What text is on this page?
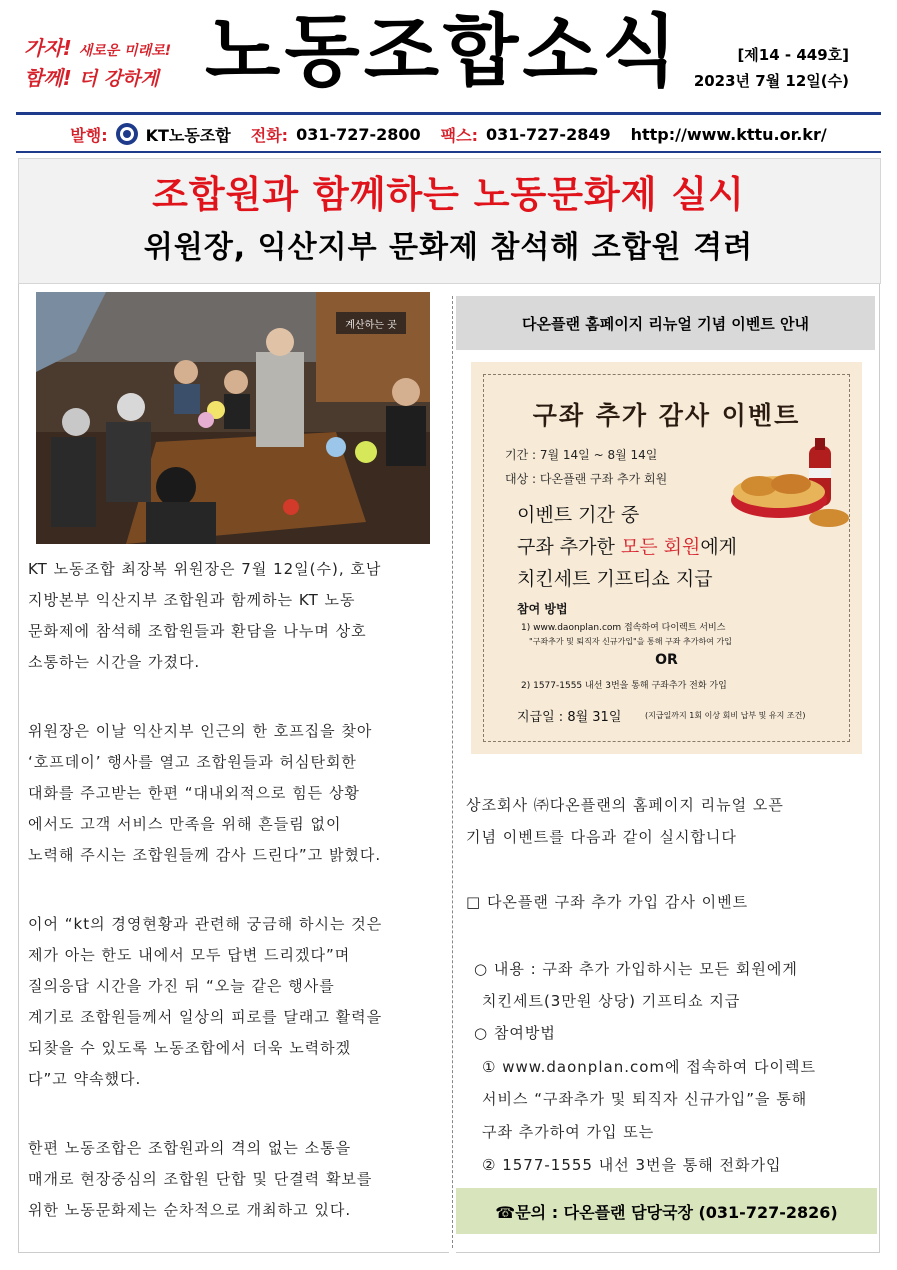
가자! 새로운 미래로!
함께! 더 강하게 노동조합소식	[제14 - 449호]
2023년 7월 12일(수)
발행: KT노동조합 전화: 031-727-2800 팩스: 031-727-2849 http://www.kttu.or.kr/
조합원과 함께하는 노동문화제 실시
위원장, 익산지부 문화제 참석해 조합원 격려
계산하는 곳
KT 노동조합 최장복 위원장은 7월 12일(수), 호남
지방본부 익산지부 조합원과 함께하는 KT 노동
문화제에 참석해 조합원들과 환담을 나누며 상호
소통하는 시간을 가졌다.
위원장은 이날 익산지부 인근의 한 호프집을 찾아
‘호프데이’ 행사를 열고 조합원들과 허심탄회한
대화를 주고받는 한편 “대내외적으로 힘든 상황
에서도 고객 서비스 만족을 위해 흔들림 없이
노력해 주시는 조합원들께 감사 드린다”고 밝혔다.
이어 “kt의 경영현황과 관련해 궁금해 하시는 것은
제가 아는 한도 내에서 모두 답변 드리겠다”며
질의응답 시간을 가진 뒤 “오늘 같은 행사를
계기로 조합원들께서 일상의 피로를 달래고 활력을
되찾을 수 있도록 노동조합에서 더욱 노력하겠
다”고 약속했다.
한편 노동조합은 조합원과의 격의 없는 소통을
매개로 현장중심의 조합원 단합 및 단결력 확보를
위한 노동문화제는 순차적으로 개최하고 있다.
다온플랜 홈페이지 리뉴얼 기념 이벤트 안내
구좌 추가 감사 이벤트
기간 : 7월 14일 ~ 8월 14일
대상 : 다온플랜 구좌 추가 회원
이벤트 기간 중
구좌 추가한 모든 회원에게
치킨세트 기프티쇼 지급
참여 방법
1) www.daonplan.com 접속하여 다이렉트 서비스
"구좌추가 및 퇴직자 신규가입"을 통해 구좌 추가하여 가입
OR
2) 1577-1555 내선 3번을 통해 구좌추가 전화 가입
지급일 : 8월 31일	(지급일까지 1회 이상 회비 납부 및 유지 조건)
상조회사 ㈜다온플랜의 홈페이지 리뉴얼 오픈
기념 이벤트를 다음과 같이 실시합니다
□ 다온플랜 구좌 추가 가입 감사 이벤트
○ 내용 : 구좌 추가 가입하시는 모든 회원에게
치킨세트(3만원 상당) 기프티쇼 지급
○ 참여방법
① www.daonplan.com에 접속하여 다이렉트
서비스 “구좌추가 및 퇴직자 신규가입”을 통해
구좌 추가하여 가입 또는
② 1577-1555 내선 3번을 통해 전화가입
☎문의 : 다온플랜 담당국장 (031-727-2826)
